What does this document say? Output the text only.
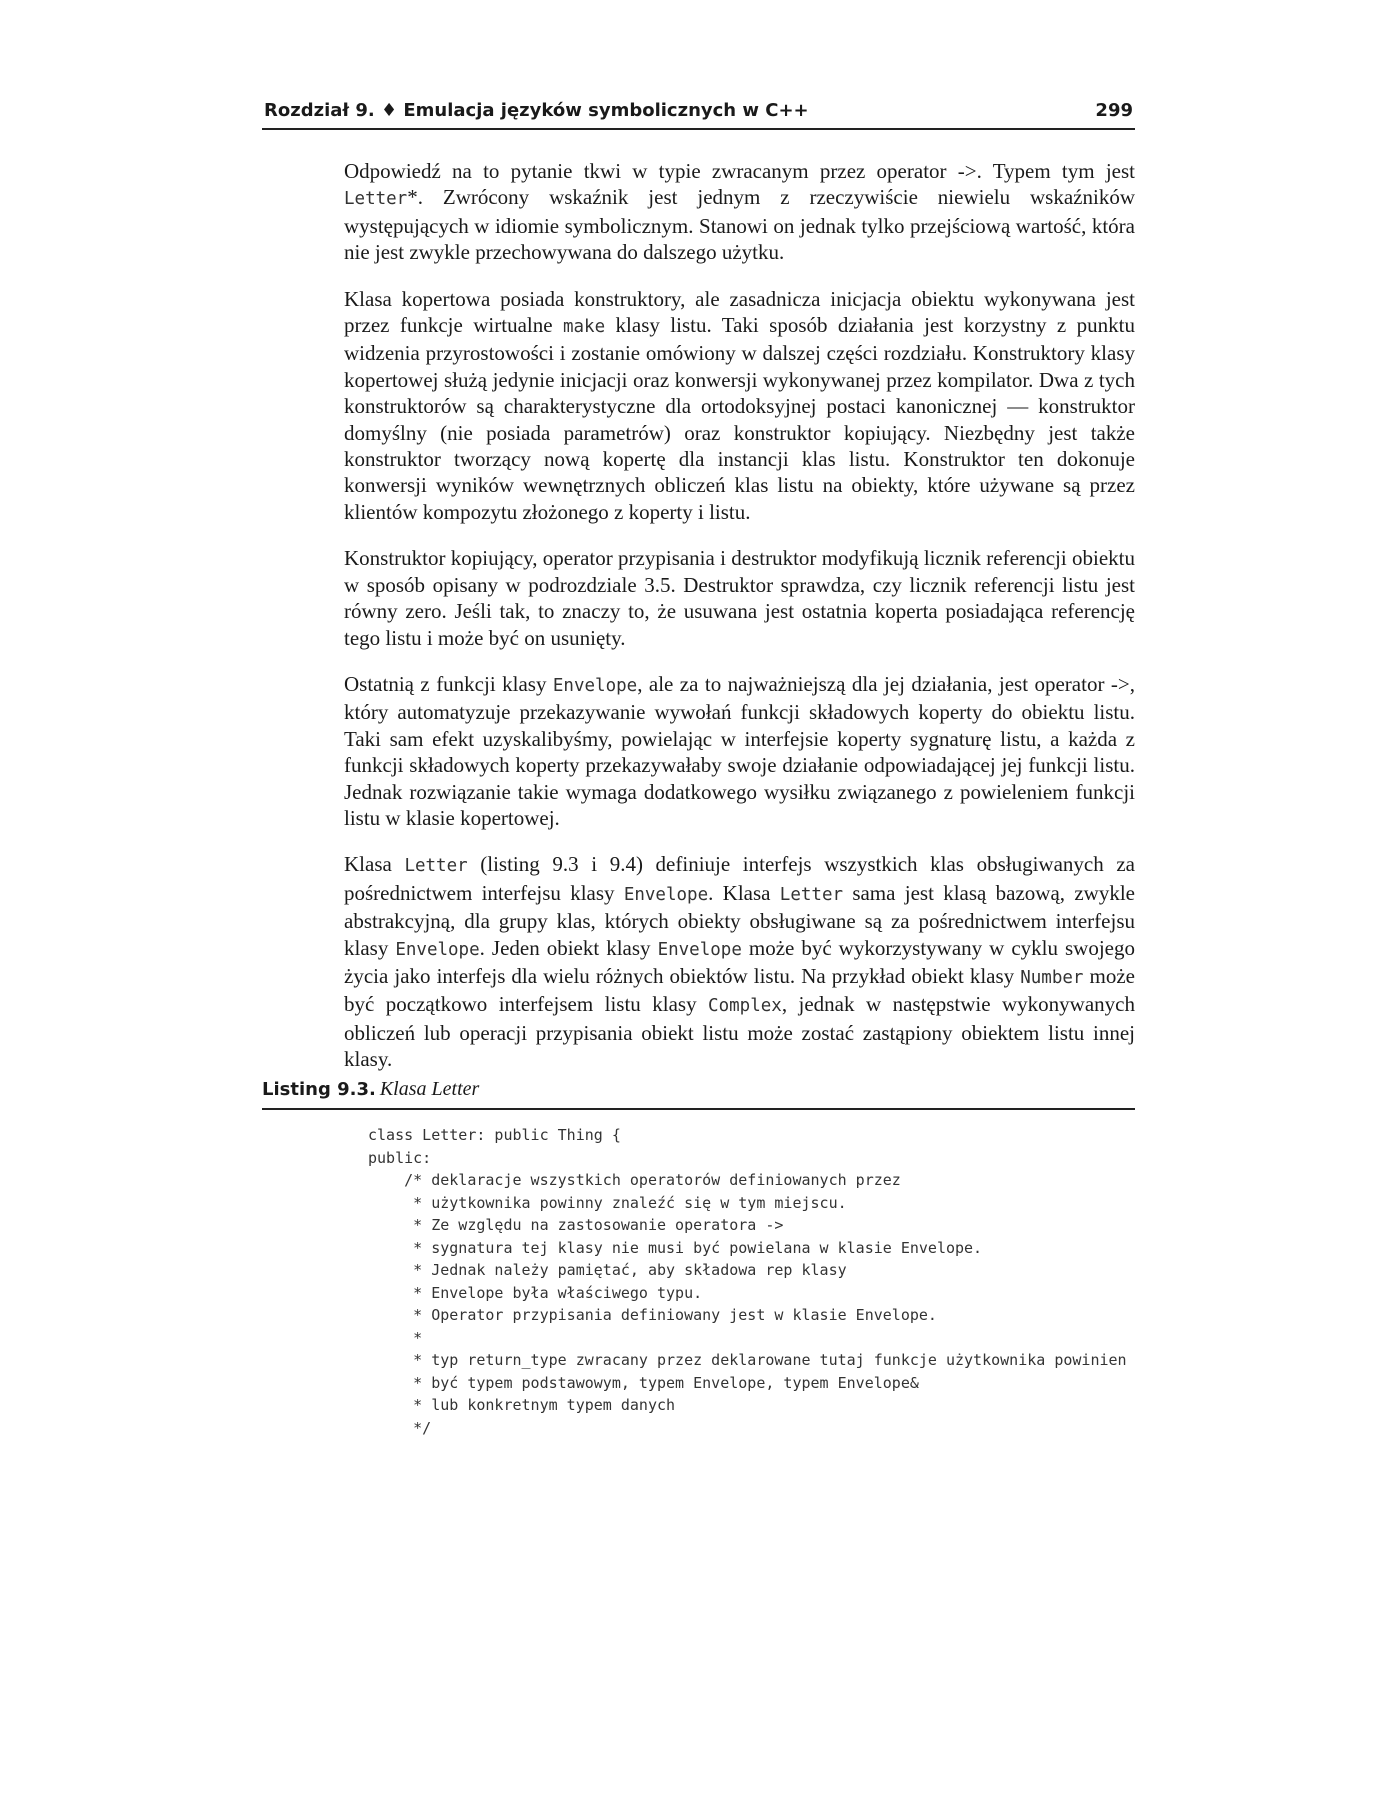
Rozdział 9. ♦ Emulacja języków symbolicznych w C++	299

Odpowiedź na to pytanie tkwi w typie zwracanym przez operator ->. Typem tym jest Letter*. Zwrócony wskaźnik jest jednym z rzeczywiście niewielu wskaźników występujących w idiomie symbolicznym. Stanowi on jednak tylko przejściową wartość, która nie jest zwykle przechowywana do dalszego użytku.

Klasa kopertowa posiada konstruktory, ale zasadnicza inicjacja obiektu wykonywana jest przez funkcje wirtualne make klasy listu. Taki sposób działania jest korzystny z punktu widzenia przyrostowości i zostanie omówiony w dalszej części rozdziału. Konstruktory klasy kopertowej służą jedynie inicjacji oraz konwersji wykonywanej przez kompilator. Dwa z tych konstruktorów są charakterystyczne dla ortodoksyjnej postaci kanonicznej — konstruktor domyślny (nie posiada parametrów) oraz konstruktor kopiujący. Niezbędny jest także konstruktor tworzący nową kopertę dla instancji klas listu. Konstruktor ten dokonuje konwersji wyników wewnętrznych obliczeń klas listu na obiekty, które używane są przez klientów kompozytu złożonego z koperty i listu.

Konstruktor kopiujący, operator przypisania i destruktor modyfikują licznik referencji obiektu w sposób opisany w podrozdziale 3.5. Destruktor sprawdza, czy licznik referencji listu jest równy zero. Jeśli tak, to znaczy to, że usuwana jest ostatnia koperta posiadająca referencję tego listu i może być on usunięty.

Ostatnią z funkcji klasy Envelope, ale za to najważniejszą dla jej działania, jest operator ->, który automatyzuje przekazywanie wywołań funkcji składowych koperty do obiektu listu. Taki sam efekt uzyskalibyśmy, powielając w interfejsie koperty sygnaturę listu, a każda z funkcji składowych koperty przekazywałaby swoje działanie odpowiadającej jej funkcji listu. Jednak rozwiązanie takie wymaga dodatkowego wysiłku związanego z powieleniem funkcji listu w klasie kopertowej.

Klasa Letter (listing 9.3 i 9.4) definiuje interfejs wszystkich klas obsługiwanych za pośrednictwem interfejsu klasy Envelope. Klasa Letter sama jest klasą bazową, zwykle abstrakcyjną, dla grupy klas, których obiekty obsługiwane są za pośrednictwem interfejsu klasy Envelope. Jeden obiekt klasy Envelope może być wykorzystywany w cyklu swojego życia jako interfejs dla wielu różnych obiektów listu. Na przykład obiekt klasy Number może być początkowo interfejsem listu klasy Complex, jednak w następstwie wykonywanych obliczeń lub operacji przypisania obiekt listu może zostać zastąpiony obiektem listu innej klasy.

Listing 9.3. Klasa Letter
class Letter: public Thing {
public:
/* deklaracje wszystkich operatorów definiowanych przez
* użytkownika powinny znaleźć się w tym miejscu.
* Ze względu na zastosowanie operatora ->
* sygnatura tej klasy nie musi być powielana w klasie Envelope.
* Jednak należy pamiętać, aby składowa rep klasy
* Envelope była właściwego typu.
* Operator przypisania definiowany jest w klasie Envelope.
*
* typ return_type zwracany przez deklarowane tutaj funkcje użytkownika powinien
* być typem podstawowym, typem Envelope, typem Envelope&
* lub konkretnym typem danych
*/
